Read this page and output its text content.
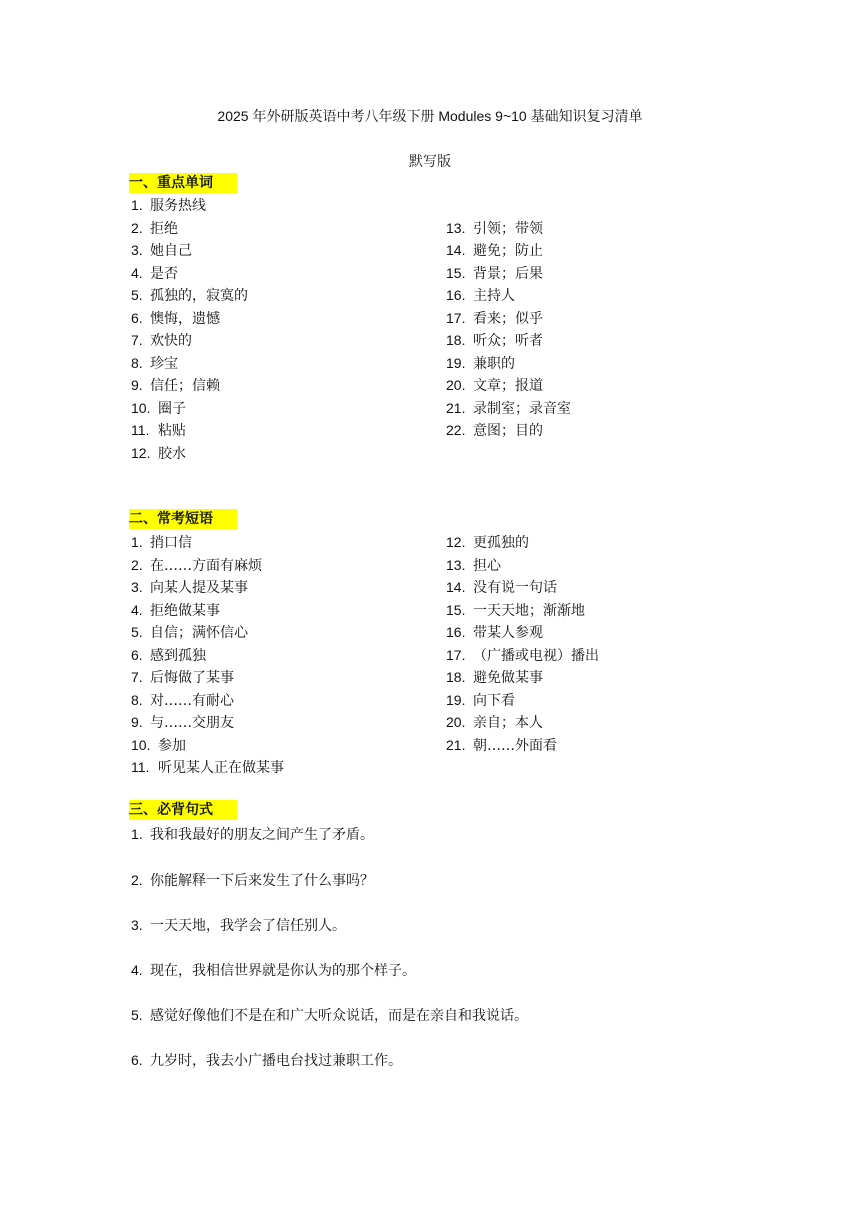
2025 年外研版英语中考八年级下册 Modules 9~10 基础知识复习清单
默写版
一、重点单词
1. 服务热线
2. 拒绝
3. 她自己
4. 是否
5. 孤独的，寂寞的
6. 懊悔，遗憾
7. 欢快的
8. 珍宝
9. 信任；信赖
10. 圈子
11. 粘贴
12. 胶水
13. 引领；带领
14. 避免；防止
15. 背景；后果
16. 主持人
17. 看来；似乎
18. 听众；听者
19. 兼职的
20. 文章；报道
21. 录制室；录音室
22. 意图；目的
二、常考短语
1. 捎口信
2. 在……方面有麻烦
3. 向某人提及某事
4. 拒绝做某事
5. 自信；满怀信心
6. 感到孤独
7. 后悔做了某事
8. 对……有耐心
9. 与……交朋友
10. 参加
11. 听见某人正在做某事
12. 更孤独的
13. 担心
14. 没有说一句话
15. 一天天地；渐渐地
16. 带某人参观
17. （广播或电视）播出
18. 避免做某事
19. 向下看
20. 亲自；本人
21. 朝……外面看
三、必背句式
1. 我和我最好的朋友之间产生了矛盾。
2. 你能解释一下后来发生了什么事吗？
3. 一天天地，我学会了信任别人。
4. 现在，我相信世界就是你认为的那个样子。
5. 感觉好像他们不是在和广大听众说话，而是在亲自和我说话。
6. 九岁时，我去小广播电台找过兼职工作。
